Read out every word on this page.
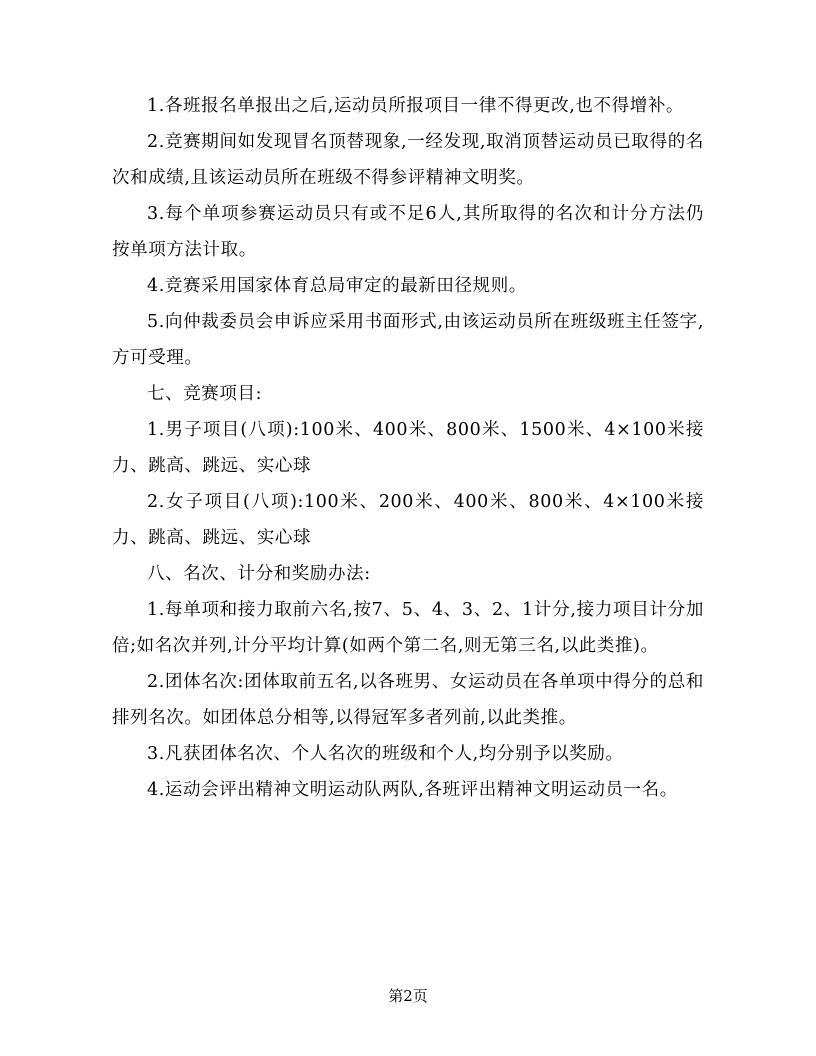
1.各班报名单报出之后,运动员所报项目一律不得更改,也不得增补。

2.竞赛期间如发现冒名顶替现象,一经发现,取消顶替运动员已取得的名次和成绩,且该运动员所在班级不得参评精神文明奖。

3.每个单项参赛运动员只有或不足6人,其所取得的名次和计分方法仍按单项方法计取。

4.竞赛采用国家体育总局审定的最新田径规则。

5.向仲裁委员会申诉应采用书面形式,由该运动员所在班级班主任签字,方可受理。

七、竞赛项目:

1.男子项目(八项):100米、400米、800米、1500米、4×100米接力、跳高、跳远、实心球

2.女子项目(八项):100米、200米、400米、800米、4×100米接力、跳高、跳远、实心球

八、名次、计分和奖励办法:

1.每单项和接力取前六名,按7、5、4、3、2、1计分,接力项目计分加倍;如名次并列,计分平均计算(如两个第二名,则无第三名,以此类推)。

2.团体名次:团体取前五名,以各班男、女运动员在各单项中得分的总和排列名次。如团体总分相等,以得冠军多者列前,以此类推。

3.凡获团体名次、个人名次的班级和个人,均分别予以奖励。

4.运动会评出精神文明运动队两队,各班评出精神文明运动员一名。

第2页
